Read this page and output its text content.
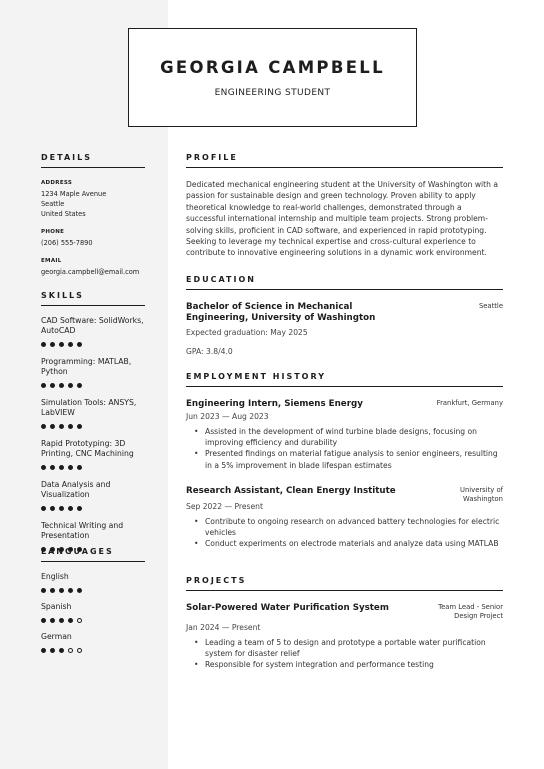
GEORGIA CAMPBELL
ENGINEERING STUDENT
DETAILS
ADDRESS
1234 Maple Avenue
Seattle
United States
PHONE
(206) 555-7890
EMAIL
georgia.campbell@email.com
SKILLS
CAD Software: SolidWorks, AutoCAD
Programming: MATLAB, Python
Simulation Tools: ANSYS, LabVIEW
Rapid Prototyping: 3D Printing, CNC Machining
Data Analysis and Visualization
Technical Writing and Presentation
LANGUAGES
English
Spanish
German
PROFILE
Dedicated mechanical engineering student at the University of Washington with a passion for sustainable design and green technology. Proven ability to apply theoretical knowledge to real-world challenges, demonstrated through a successful international internship and multiple team projects. Strong problem-solving skills, proficient in CAD software, and experienced in rapid prototyping. Seeking to leverage my technical expertise and cross-cultural experience to contribute to innovative engineering solutions in a dynamic work environment.
EDUCATION
Bachelor of Science in Mechanical Engineering, University of Washington
Seattle
Expected graduation: May 2025
GPA: 3.8/4.0
EMPLOYMENT HISTORY
Engineering Intern, Siemens Energy	Frankfurt, Germany
Jun 2023 — Aug 2023
• Assisted in the development of wind turbine blade designs, focusing on improving efficiency and durability
• Presented findings on material fatigue analysis to senior engineers, resulting in a 5% improvement in blade lifespan estimates
Research Assistant, Clean Energy Institute	University of Washington
Sep 2022 — Present
• Contribute to ongoing research on advanced battery technologies for electric vehicles
• Conduct experiments on electrode materials and analyze data using MATLAB
PROJECTS
Solar-Powered Water Purification System	Team Lead - Senior Design Project
Jan 2024 — Present
• Leading a team of 5 to design and prototype a portable water purification system for disaster relief
• Responsible for system integration and performance testing
